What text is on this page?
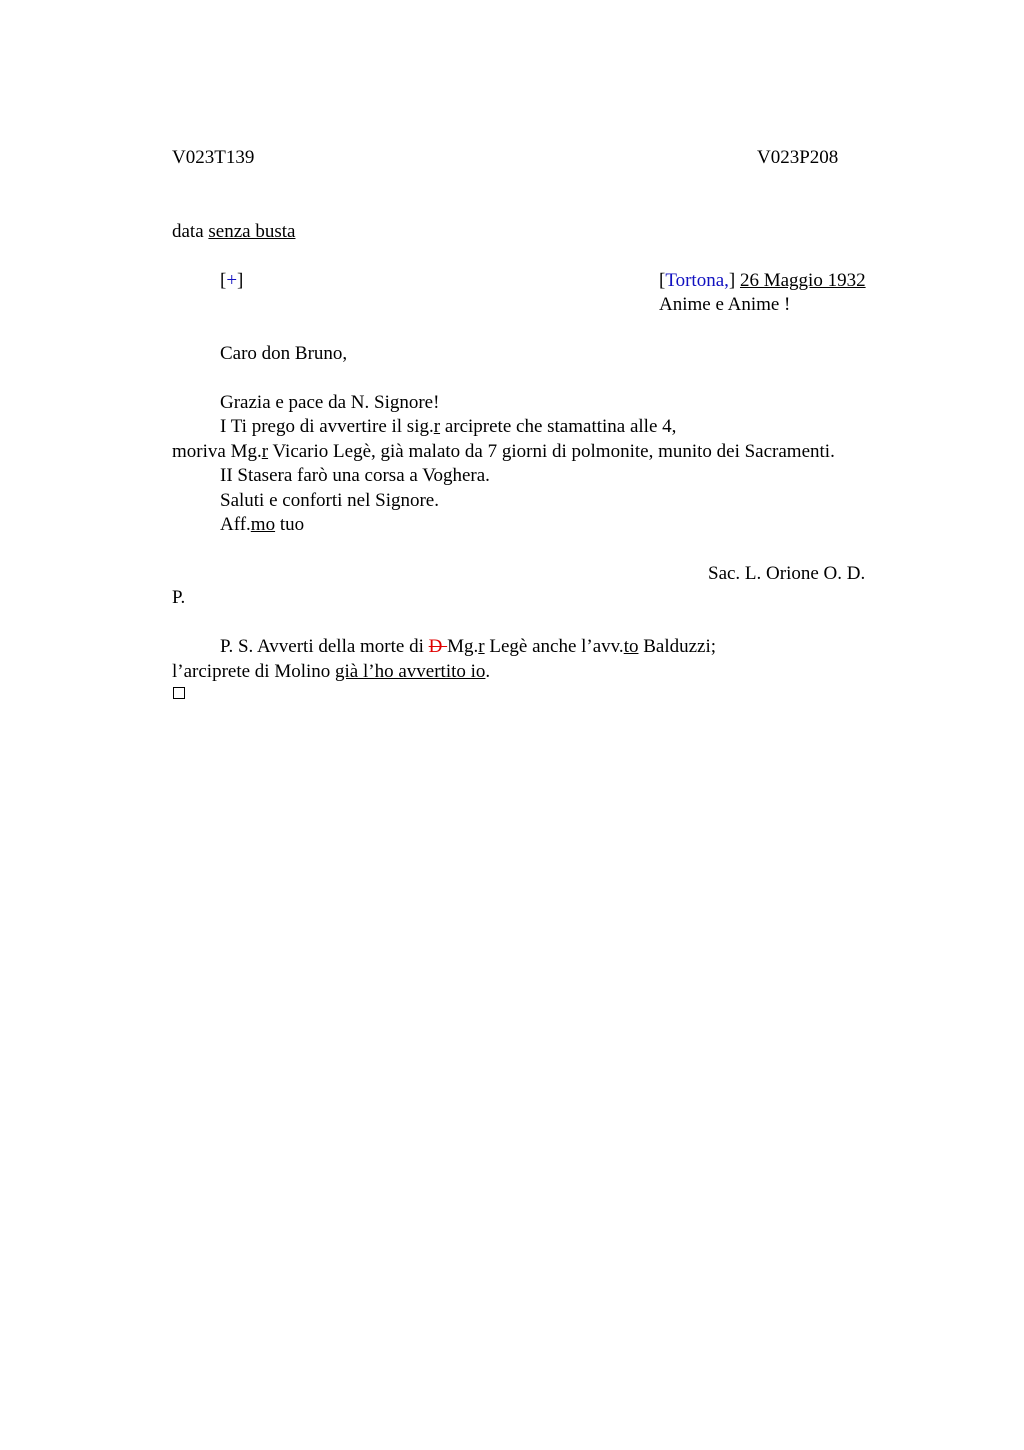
V023T139	V023P208
data senza busta
[+]	[Tortona,] 26 Maggio 1932
Anime e Anime !
Caro don Bruno,
Grazia e pace da N. Signore!
I Ti prego di avvertire il sig.r arciprete che stamattina alle 4,
moriva Mg.r Vicario Legè, già malato da 7 giorni di polmonite, munito dei Sacramenti.
II Stasera farò una corsa a Voghera.
Saluti e conforti nel Signore.
Aff.mo tuo
Sac. L. Orione O. D.
P.
P. S. Avverti della morte di D Mg.r Legè anche l’avv.to Balduzzi;
l’arciprete di Molino già l’ho avvertito io.
